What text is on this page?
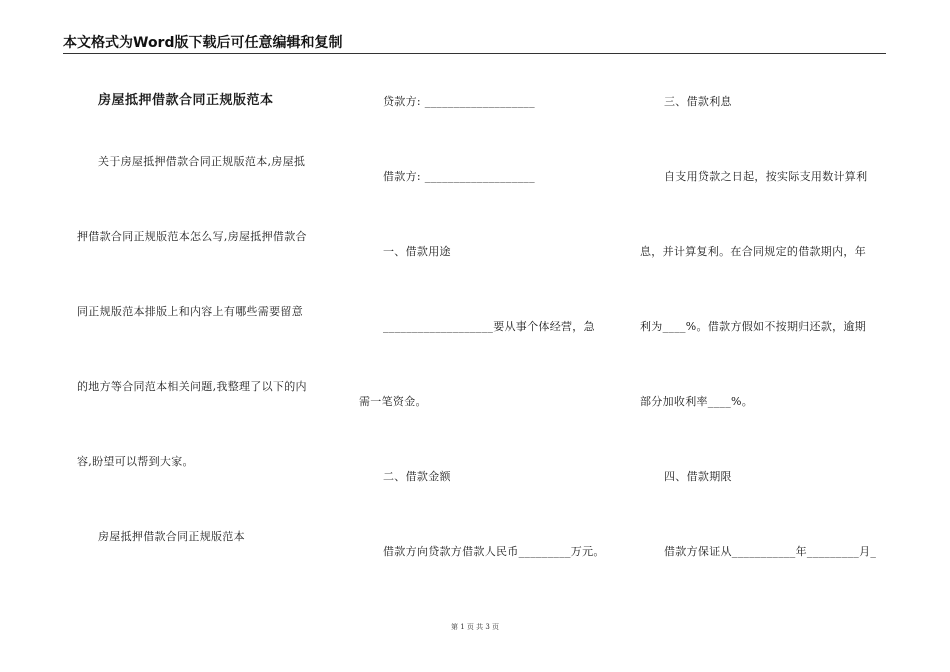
本文格式为Word版下载后可任意编辑和复制
房屋抵押借款合同正规版范本
关于房屋抵押借款合同正规版范本,房屋抵
押借款合同正规版范本怎么写,房屋抵押借款合
同正规版范本排版上和内容上有哪些需要留意
的地方等合同范本相关问题,我整理了以下的内
容,盼望可以帮到大家。
房屋抵押借款合同正规版范本
贷款方: ___________________
借款方: ___________________
一、借款用途
___________________要从事个体经营，急
需一笔资金。
二、借款金额
借款方向贷款方借款人民币_________万元。
三、借款利息
自支用贷款之日起，按实际支用数计算利
息，并计算复利。在合同规定的借款期内，年
利为____%。借款方假如不按期归还款，逾期
部分加收利率____%。
四、借款期限
借款方保证从___________年_________月_
第 1 页 共 3 页
